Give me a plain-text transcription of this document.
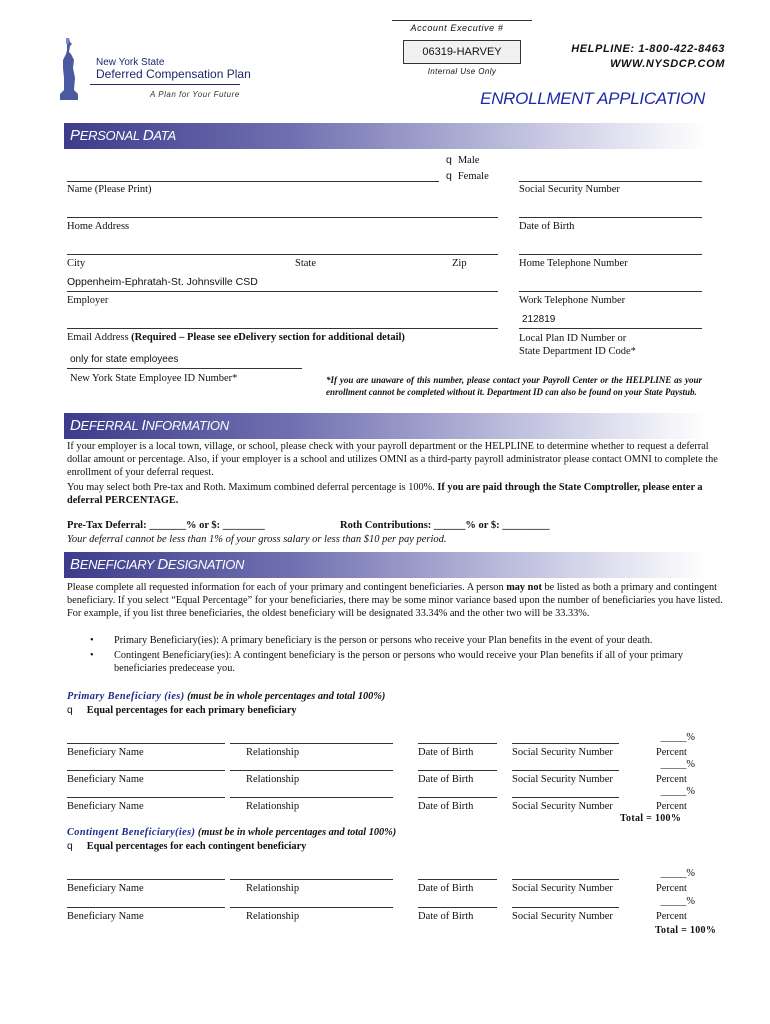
New York State
Deferred Compensation Plan
A Plan for Your Future
Account Executive #
06319-HARVEY
Internal Use Only
HELPLINE: 1-800-422-8463
WWW.NYSDCP.COM
ENROLLMENT APPLICATION
PERSONAL DATA
q Male
q Female
Name (Please Print)	Social Security Number
Home Address	Date of Birth
City	State	Zip	Home Telephone Number
Oppenheim-Ephratah-St. Johnsville CSD
Employer	Work Telephone Number
212819
Email Address (Required – Please see eDelivery section for additional detail)	Local Plan ID Number or
State Department ID Code*
only for state employees
New York State Employee ID Number*	*If you are unaware of this number, please contact your Payroll Center or the HELPLINE as your enrollment cannot be completed without it. Department ID can also be found on your State Paystub.
DEFERRAL INFORMATION
If your employer is a local town, village, or school, please check with your payroll department or the HELPLINE to determine whether to request a deferral dollar amount or percentage. Also, if your employer is a school and utilizes OMNI as a third-party payroll administrator please contact OMNI to complete the enrollment of your deferral request.
You may select both Pre-tax and Roth. Maximum combined deferral percentage is 100%. If you are paid through the State Comptroller, please enter a deferral PERCENTAGE.
Pre-Tax Deferral: _______% or $: ________	Roth Contributions: ______% or $: _________
Your deferral cannot be less than 1% of your gross salary or less than $10 per pay period.
BENEFICIARY DESIGNATION
Please complete all requested information for each of your primary and contingent beneficiaries. A person may not be listed as both a primary and contingent beneficiary. If you select “Equal Percentage” for your beneficiaries, there may be some minor variance based upon the number of beneficiaries you have listed. For example, if you list three beneficiaries, the oldest beneficiary will be designated 33.34% and the other two will be 33.33%.
• Primary Beneficiary(ies): A primary beneficiary is the person or persons who receive your Plan benefits in the event of your death.
• Contingent Beneficiary(ies): A contingent beneficiary is the person or persons who would receive your Plan benefits if all of your primary beneficiaries predecease you.
Primary Beneficiary (ies) (must be in whole percentages and total 100%)
q Equal percentages for each primary beneficiary
Beneficiary Name	Relationship	Date of Birth	Social Security Number
_____%
Percent
Beneficiary Name	Relationship	Date of Birth	Social Security Number
_____%
Percent
Beneficiary Name	Relationship	Date of Birth	Social Security Number
_____%
Percent
Total = 100%
Contingent Beneficiary(ies) (must be in whole percentages and total 100%)
q Equal percentages for each contingent beneficiary
Beneficiary Name	Relationship	Date of Birth	Social Security Number
_____%
Percent
Beneficiary Name	Relationship	Date of Birth	Social Security Number
_____%
Percent
Total = 100%
